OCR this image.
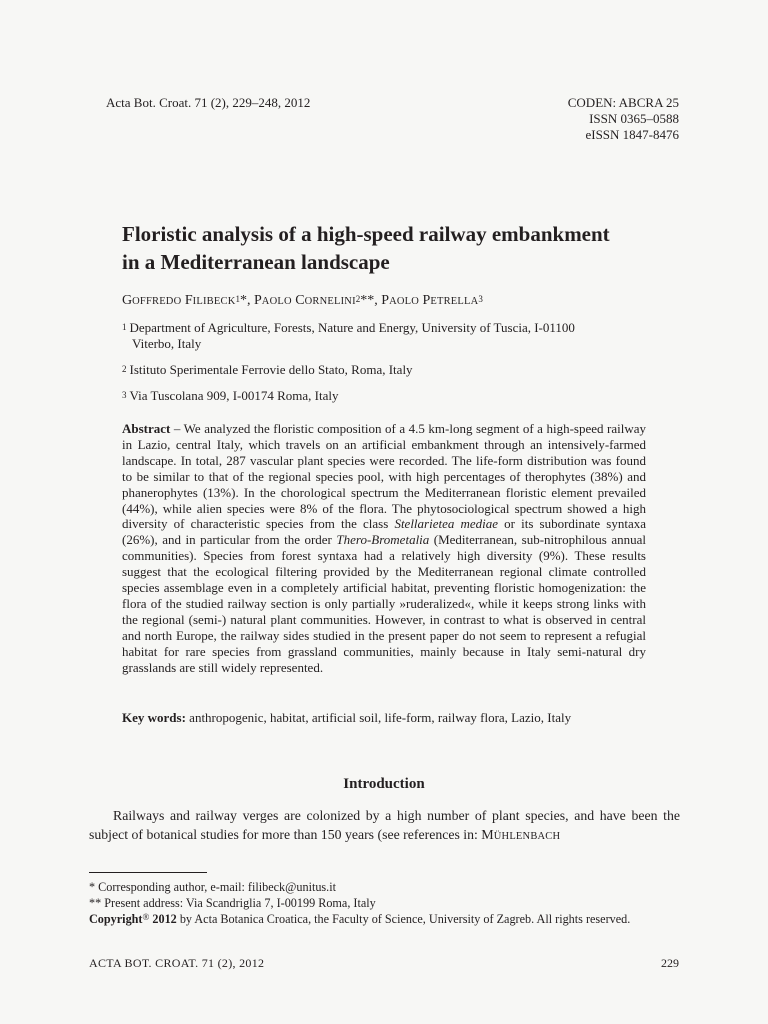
Acta Bot. Croat. 71 (2), 229–248, 2012	CODEN: ABCRA 25
ISSN 0365–0588
eISSN 1847-8476
Floristic analysis of a high-speed railway embankment
in a Mediterranean landscape
GOFFREDO FILIBECK$^1$*, PAOLO CORNELINI$^2$**, PAOLO PETRELLA$^3$
$^1$ Department of Agriculture, Forests, Nature and Energy, University of Tuscia, I-01100
Viterbo, Italy
$^2$ Istituto Sperimentale Ferrovie dello Stato, Roma, Italy
$^3$ Via Tuscolana 909, I-00174 Roma, Italy
Abstract – We analyzed the floristic composition of a 4.5 km-long segment of a high-speed railway in Lazio, central Italy, which travels on an artificial embankment through an intensively-farmed landscape. In total, 287 vascular plant species were recorded. The life-form distribution was found to be similar to that of the regional species pool, with high percentages of therophytes (38%) and phanerophytes (13%). In the chorological spectrum the Mediterranean floristic element prevailed (44%), while alien species were 8% of the flora. The phytosociological spectrum showed a high diversity of characteristic species from the class Stellarietea mediae or its subordinate syntaxa (26%), and in particular from the order Thero-Brometalia (Mediterranean, sub-nitrophilous annual communities). Species from forest syntaxa had a relatively high diversity (9%). These results suggest that the ecological filtering provided by the Mediterranean regional climate controlled species assemblage even in a completely artificial habitat, preventing floristic homogenization: the flora of the studied railway section is only partially »ruderalized«, while it keeps strong links with the regional (semi-) natural plant communities. However, in contrast to what is observed in central and north Europe, the railway sides studied in the present paper do not seem to represent a refugial habitat for rare species from grassland communities, mainly because in Italy semi-natural dry grasslands are still widely represented.
Key words: anthropogenic, habitat, artificial soil, life-form, railway flora, Lazio, Italy
Introduction
Railways and railway verges are colonized by a high number of plant species, and have been the subject of botanical studies for more than 150 years (see references in: MÜHLENBACH
* Corresponding author, e-mail: filibeck@unitus.it
** Present address: Via Scandriglia 7, I-00199 Roma, Italy
Copyright® 2012 by Acta Botanica Croatica, the Faculty of Science, University of Zagreb. All rights reserved.
ACTA BOT. CROAT. 71 (2), 2012	229
